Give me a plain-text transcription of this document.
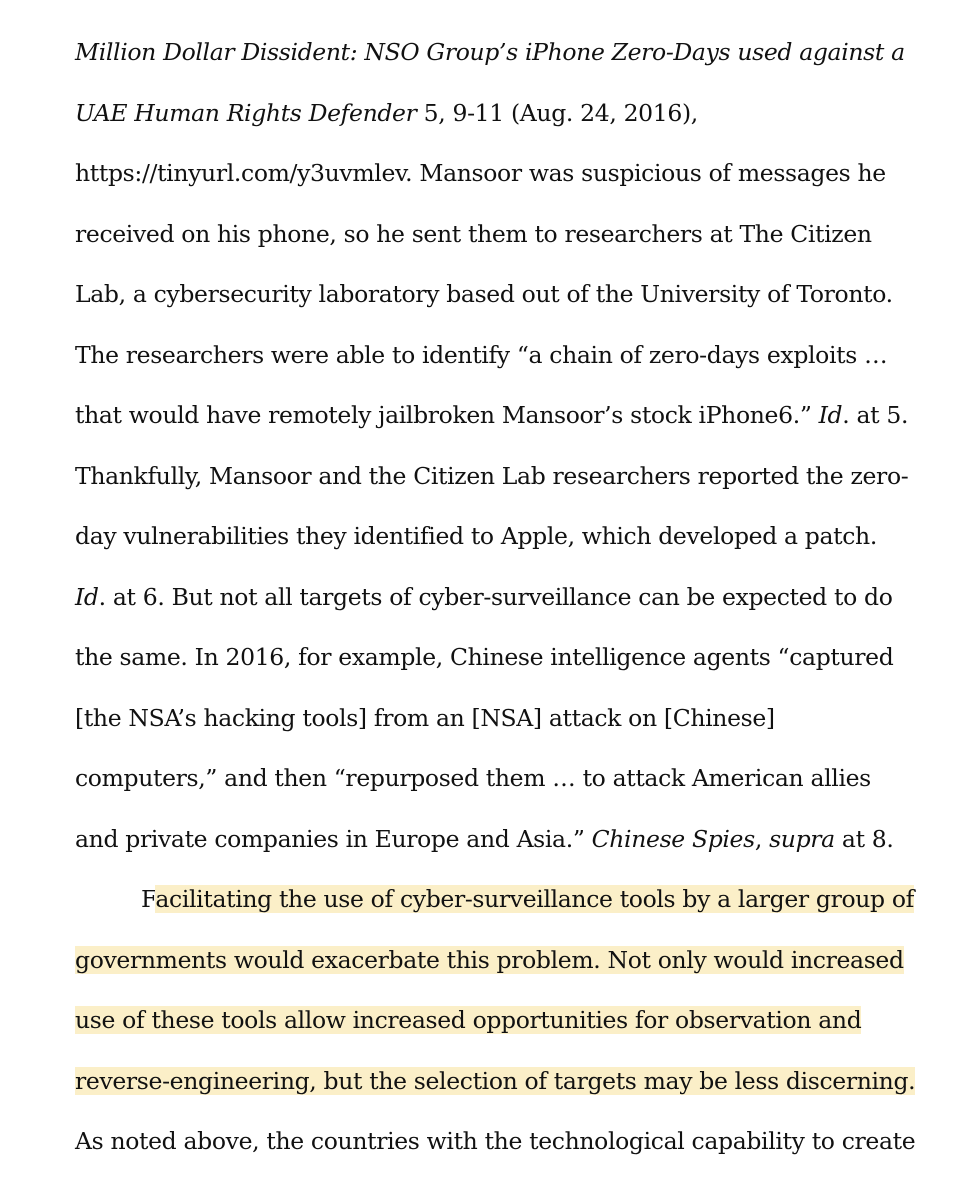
Million Dollar Dissident: NSO Group’s iPhone Zero-Days used against a
UAE Human Rights Defender 5, 9-11 (Aug. 24, 2016),
https://tinyurl.com/y3uvmlev. Mansoor was suspicious of messages he
received on his phone, so he sent them to researchers at The Citizen
Lab, a cybersecurity laboratory based out of the University of Toronto.
The researchers were able to identify “a chain of zero-days exploits …
that would have remotely jailbroken Mansoor’s stock iPhone6.” Id. at 5.
Thankfully, Mansoor and the Citizen Lab researchers reported the zero-
day vulnerabilities they identified to Apple, which developed a patch.
Id. at 6. But not all targets of cyber-surveillance can be expected to do
the same. In 2016, for example, Chinese intelligence agents “captured
[the NSA’s hacking tools] from an [NSA] attack on [Chinese]
computers,” and then “repurposed them … to attack American allies
and private companies in Europe and Asia.” Chinese Spies, supra at 8.
Facilitating the use of cyber-surveillance tools by a larger group of
governments would exacerbate this problem. Not only would increased
use of these tools allow increased opportunities for observation and
reverse-engineering, but the selection of targets may be less discerning.
As noted above, the countries with the technological capability to create
